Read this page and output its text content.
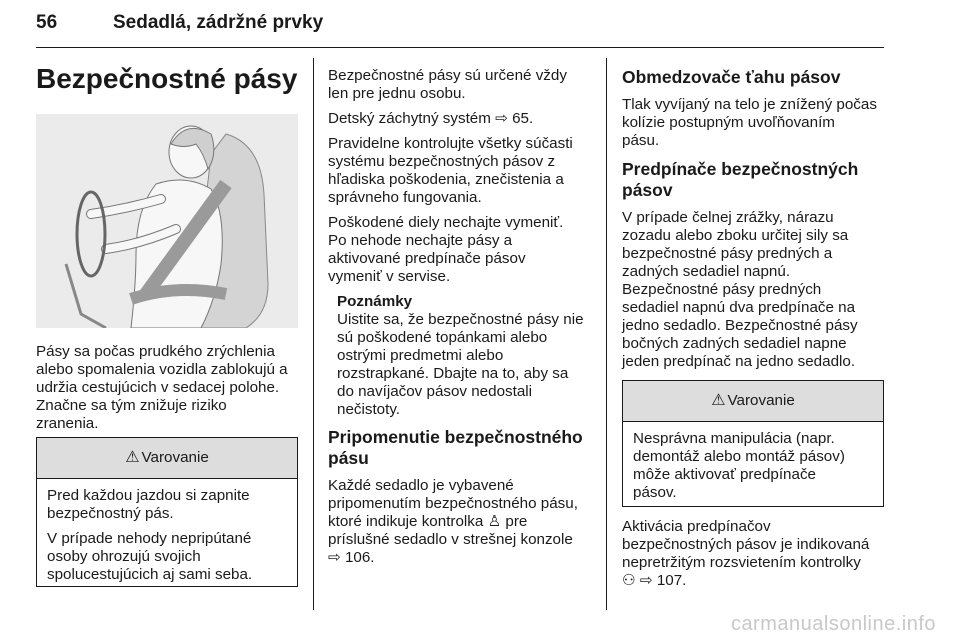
56	Sedadlá, zádržné prvky
Bezpečnostné pásy

Pásy sa počas prudkého zrýchlenia

alebo spomalenia vozidla zablokujú a

udržia cestujúcich v sedacej polohe.

Značne sa tým znižuje riziko

zranenia.

⚠ Varovanie

Pred každou jazdou si zapnite

bezpečnostný pás.

V prípade nehody nepripútané

osoby ohrozujú svojich

spolucestujúcich aj sami seba.

Bezpečnostné pásy sú určené vždy

len pre jednu osobu.

Detský záchytný systém ⇨ 65.

Pravidelne kontrolujte všetky súčasti

systému bezpečnostných pásov z

hľadiska poškodenia, znečistenia a

správneho fungovania.

Poškodené diely nechajte vymeniť.

Po nehode nechajte pásy a

aktivované predpínače pásov

vymeniť v servise.

Poznámky

Uistite sa, že bezpečnostné pásy nie

sú poškodené topánkami alebo

ostrými predmetmi alebo

rozstrapkané. Dbajte na to, aby sa

do navíjačov pásov nedostali

nečistoty.

Pripomenutie bezpečnostného

pásu

Každé sedadlo je vybavené

pripomenutím bezpečnostného pásu,

ktoré indikuje kontrolka ♙ pre

príslušné sedadlo v strešnej konzole

⇨ 106.

Obmedzovače ťahu pásov

Tlak vyvíjaný na telo je znížený počas

kolízie postupným uvoľňovaním

pásu.

Predpínače bezpečnostných

pásov

V prípade čelnej zrážky, nárazu

zozadu alebo zboku určitej sily sa

bezpečnostné pásy predných a

zadných sedadiel napnú.

Bezpečnostné pásy predných

sedadiel napnú dva predpínače na

jedno sedadlo. Bezpečnostné pásy

bočných zadných sedadiel napne

jeden predpínač na jedno sedadlo.

⚠ Varovanie

Nesprávna manipulácia (napr.

demontáž alebo montáž pásov)

môže aktivovať predpínače

pásov.

Aktivácia predpínačov

bezpečnostných pásov je indikovaná

nepretržitým rozsvietením kontrolky

⚇ ⇨ 107.

carmanualsonline.info
